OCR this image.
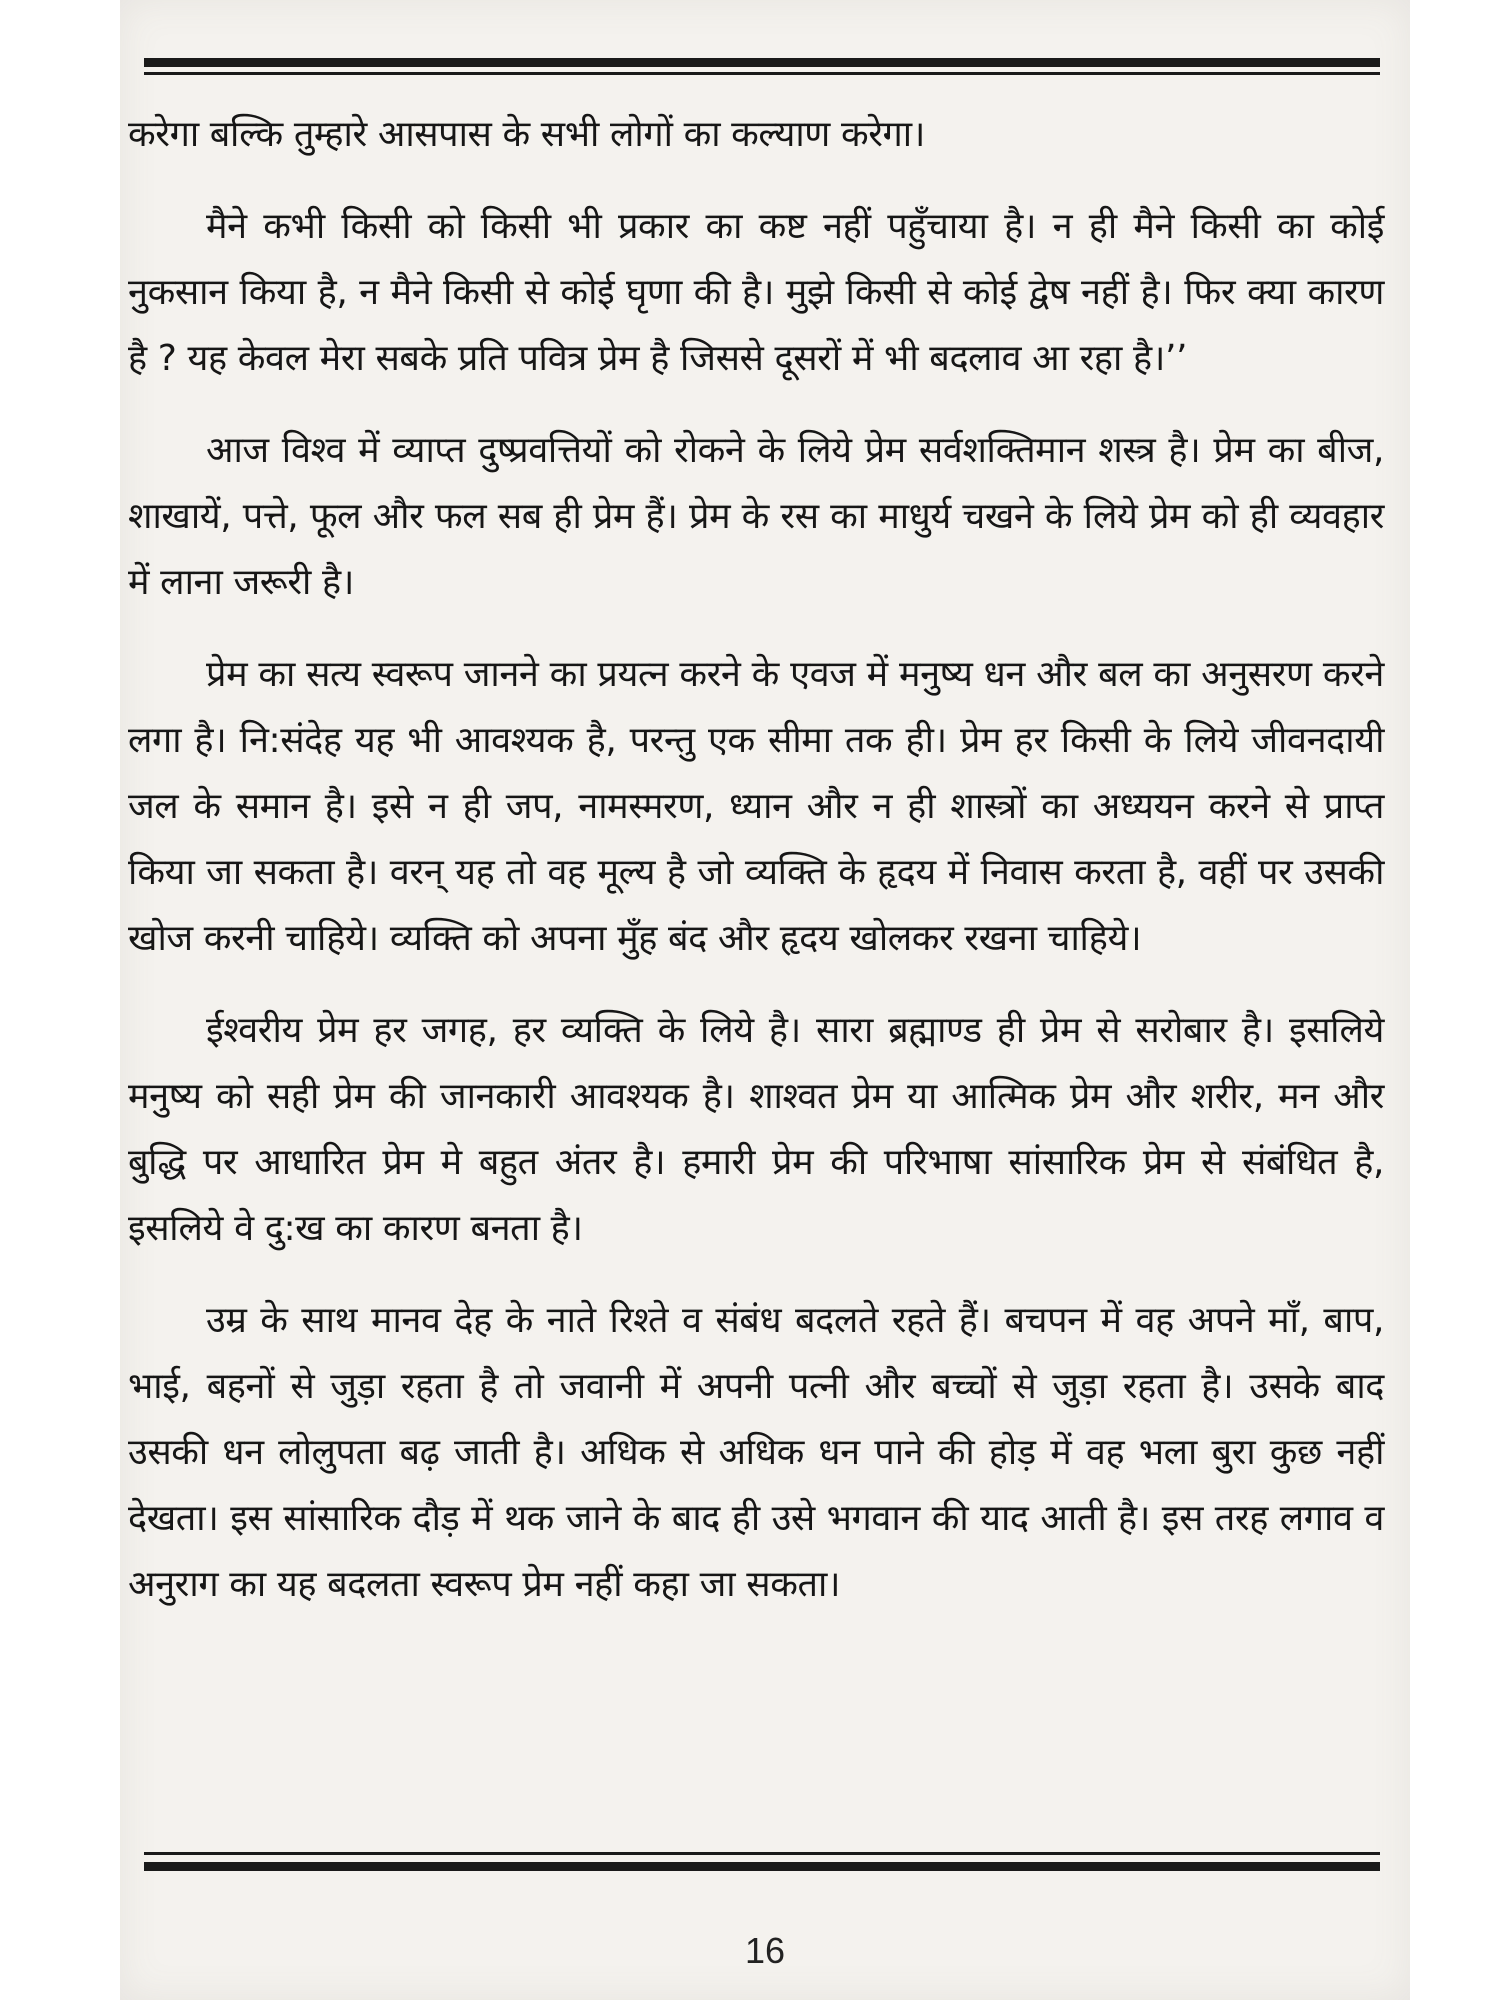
करेगा बल्कि तुम्हारे आसपास के सभी लोगों का कल्याण करेगा।

मैने कभी किसी को किसी भी प्रकार का कष्ट नहीं पहुँचाया है। न ही मैने किसी का कोई नुकसान किया है, न मैने किसी से कोई घृणा की है। मुझे किसी से कोई द्वेष नहीं है। फिर क्या कारण है ? यह केवल मेरा सबके प्रति पवित्र प्रेम है जिससे दूसरों में भी बदलाव आ रहा है।’’

आज विश्व में व्याप्त दुष्प्रवत्तियों को रोकने के लिये प्रेम सर्वशक्तिमान शस्त्र है। प्रेम का बीज, शाखायें, पत्ते, फूल और फल सब ही प्रेम हैं। प्रेम के रस का माधुर्य चखने के लिये प्रेम को ही व्यवहार में लाना जरूरी है।

प्रेम का सत्य स्वरूप जानने का प्रयत्न करने के एवज में मनुष्य धन और बल का अनुसरण करने लगा है। नि:संदेह यह भी आवश्यक है, परन्तु एक सीमा तक ही। प्रेम हर किसी के लिये जीवनदायी जल के समान है। इसे न ही जप, नामस्मरण, ध्यान और न ही शास्त्रों का अध्ययन करने से प्राप्त किया जा सकता है। वरन् यह तो वह मूल्य है जो व्यक्ति के हृदय में निवास करता है, वहीं पर उसकी खोज करनी चाहिये। व्यक्ति को अपना मुँह बंद और हृदय खोलकर रखना चाहिये।

ईश्वरीय प्रेम हर जगह, हर व्यक्ति के लिये है। सारा ब्रह्माण्ड ही प्रेम से सरोबार है। इसलिये मनुष्य को सही प्रेम की जानकारी आवश्यक है। शाश्वत प्रेम या आत्मिक प्रेम और शरीर, मन और बुद्धि पर आधारित प्रेम मे बहुत अंतर है। हमारी प्रेम की परिभाषा सांसारिक प्रेम से संबंधित है, इसलिये वे दु:ख का कारण बनता है।

उम्र के साथ मानव देह के नाते रिश्ते व संबंध बदलते रहते हैं। बचपन में वह अपने माँ, बाप, भाई, बहनों से जुड़ा रहता है तो जवानी में अपनी पत्नी और बच्चों से जुड़ा रहता है। उसके बाद उसकी धन लोलुपता बढ़ जाती है। अधिक से अधिक धन पाने की होड़ में वह भला बुरा कुछ नहीं देखता। इस सांसारिक दौड़ में थक जाने के बाद ही उसे भगवान की याद आती है। इस तरह लगाव व अनुराग का यह बदलता स्वरूप प्रेम नहीं कहा जा सकता।

16
